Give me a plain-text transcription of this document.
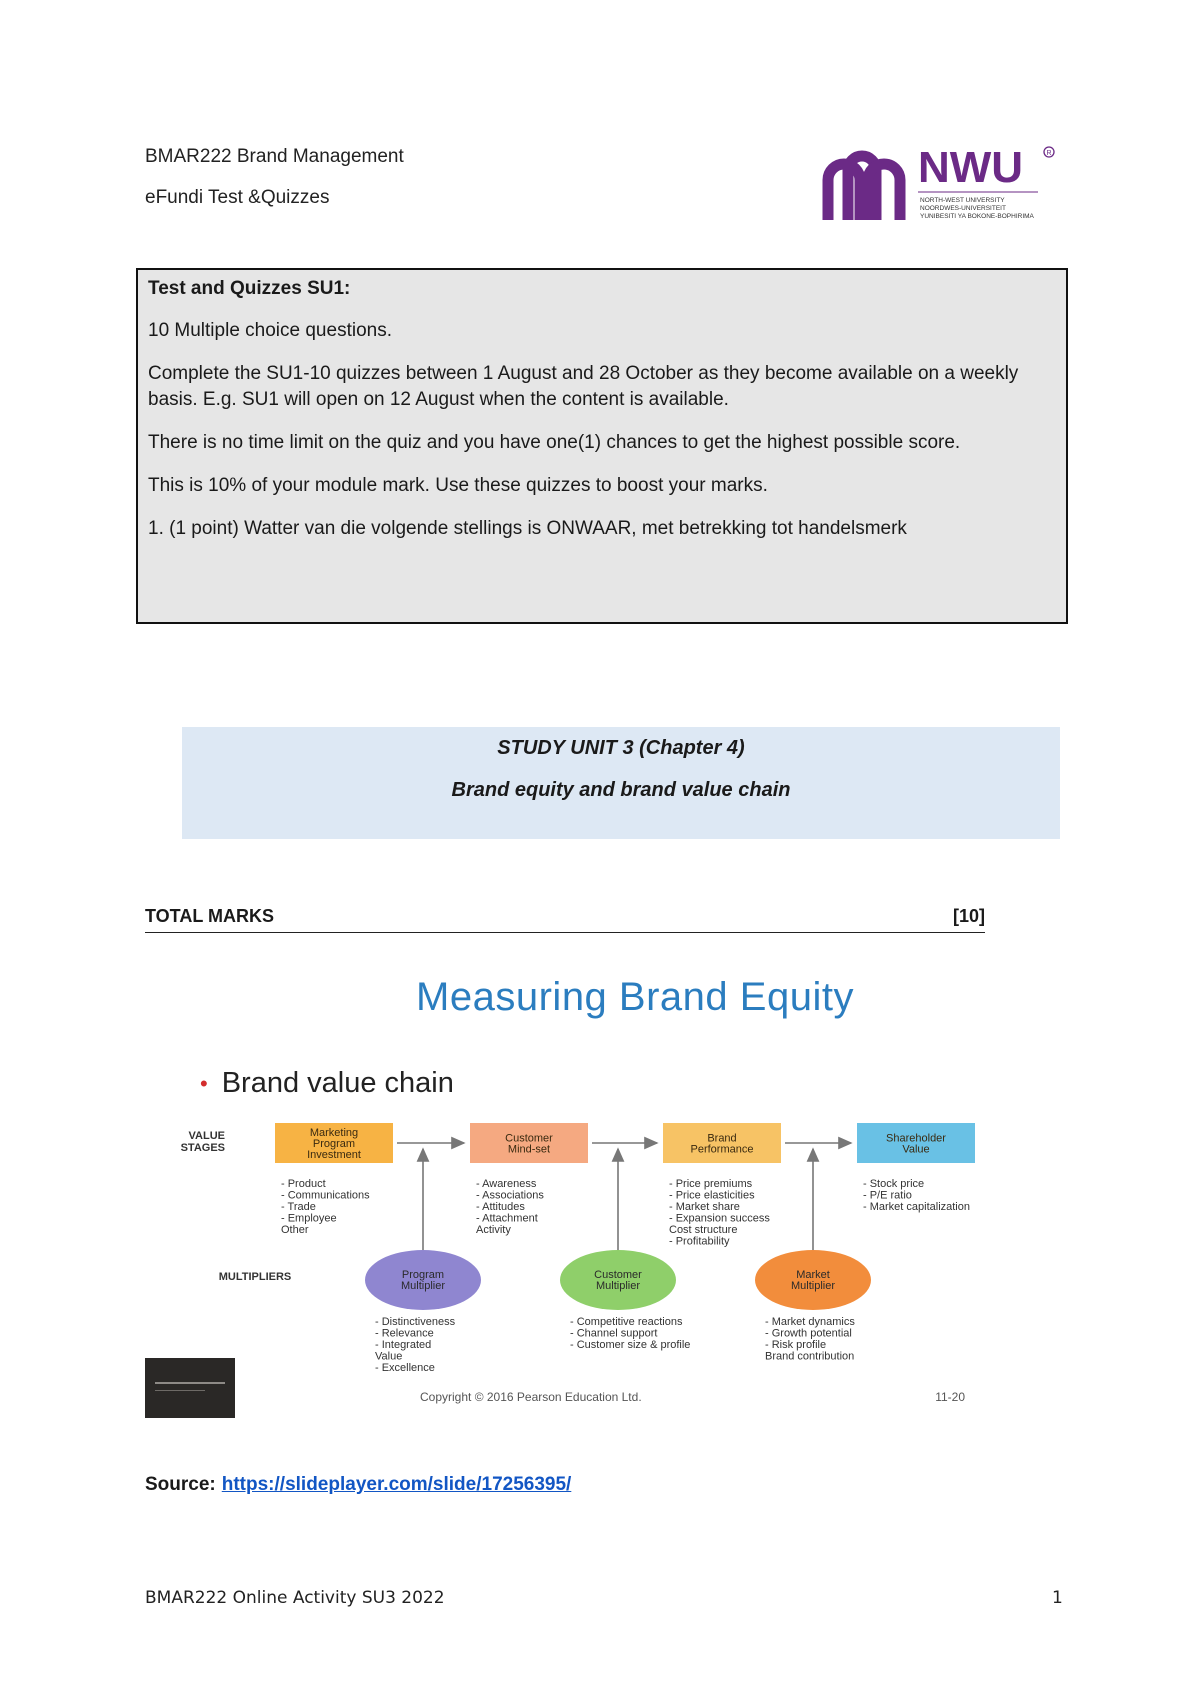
BMAR222 Brand Management
eFundi Test &Quizzes
NWU	R
NORTH-WEST UNIVERSITY
NOORDWES-UNIVERSITEIT
YUNIBESITI YA BOKONE-BOPHIRIMA

Test and Quizzes SU1:

10 Multiple choice questions.

Complete the SU1-10 quizzes between 1 August and 28 October as they become available on a weekly basis. E.g. SU1 will open on 12 August when the content is available.

There is no time limit on the quiz and you have one(1) chances to get the highest possible score.

This is 10% of your module mark. Use these quizzes to boost your marks.

1. (1 point) Watter van die volgende stellings is ONWAAR, met betrekking tot handelsmerk

STUDY UNIT 3 (Chapter 4)
Brand equity and brand value chain
TOTAL MARKS	[10]
Measuring Brand Equity
• Brand value chain
VALUE
STAGES
MULTIPLIERS
Marketing
Program
Investment
- Product
- Communications
- Trade
- Employee
Other
Customer
Mind-set
- Awareness
- Associations
- Attitudes
- Attachment
Activity
Brand
Performance
- Price premiums
- Price elasticities
- Market share
- Expansion success
Cost structure
- Profitability
Shareholder
Value
- Stock price
- P/E ratio
- Market capitalization
Program
Multiplier
- Distinctiveness
- Relevance
- Integrated
Value
- Excellence
Customer
Multiplier
- Competitive reactions
- Channel support
- Customer size & profile
Market
Multiplier
- Market dynamics
- Growth potential
- Risk profile
Brand contribution
Copyright © 2016 Pearson Education Ltd.	11-20
Source: https://slideplayer.com/slide/17256395/
BMAR222 Online Activity SU3 2022	1
